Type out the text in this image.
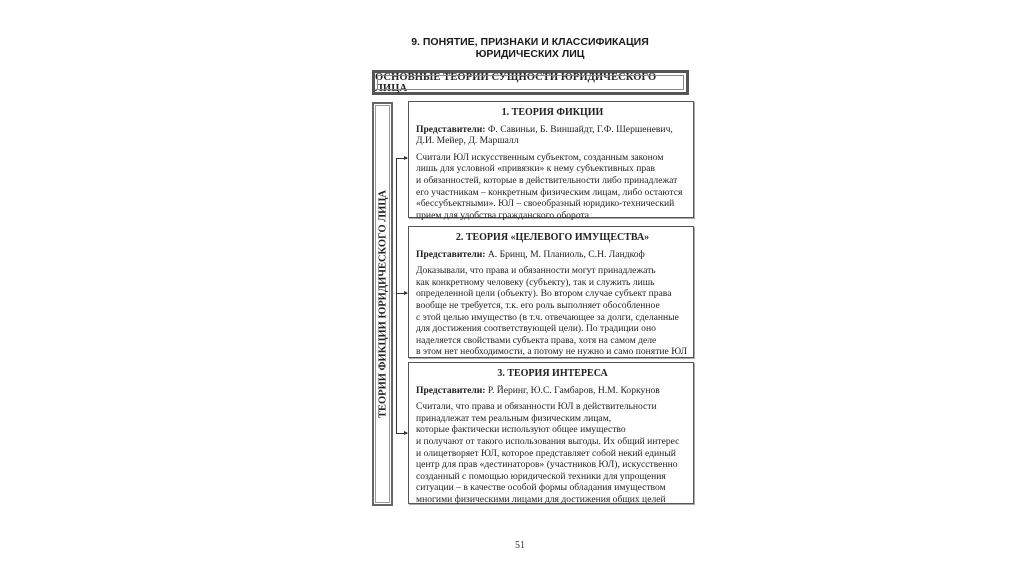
9. ПОНЯТИЕ, ПРИЗНАКИ И КЛАССИФИКАЦИЯ
ЮРИДИЧЕСКИХ ЛИЦ
ОСНОВНЫЕ ТЕОРИИ СУЩНОСТИ ЮРИДИЧЕСКОГО ЛИЦА
ТЕОРИИ ФИКЦИИ ЮРИДИЧЕСКОГО ЛИЦА
1. ТЕОРИЯ ФИКЦИИ

Представители: Ф. Савиньи, Б. Виншайдт, Г.Ф. Шершеневич, Д.И. Мейер, Д. Маршалл

Считали ЮЛ искусственным субъектом, созданным законом
лишь для условной «привязки» к нему субъективных прав
и обязанностей, которые в действительности либо принадлежат
его участникам – конкретным физическим лицам, либо остаются
«бессубъектными». ЮЛ – своеобразный юридико-технический
прием для удобства гражданского оборота

2. ТЕОРИЯ «ЦЕЛЕВОГО ИМУЩЕСТВА»

Представители: А. Бринц, М. Планиоль, С.Н. Ландкоф

Доказывали, что права и обязанности могут принадлежать
как конкретному человеку (субъекту), так и служить лишь
определенной цели (объекту). Во втором случае субъект права
вообще не требуется, т.к. его роль выполняет обособленное
с этой целью имущество (в т.ч. отвечающее за долги, сделанные
для достижения соответствующей цели). По традиции оно
наделяется свойствами субъекта права, хотя на самом деле
в этом нет необходимости, а потому не нужно и само понятие ЮЛ

3. ТЕОРИЯ ИНТЕРЕСА

Представители: Р. Йеринг, Ю.С. Гамбаров, Н.М. Коркунов

Считали, что права и обязанности ЮЛ в действительности
принадлежат тем реальным физическим лицам,
которые фактически используют общее имущество
и получают от такого использования выгоды. Их общий интерес
и олицетворяет ЮЛ, которое представляет собой некий единый
центр для прав «дестинаторов» (участников ЮЛ), искусственно
созданный с помощью юридической техники для упрощения
ситуации – в качестве особой формы обладания имуществом
многими физическими лицами для достижения общих целей

51
